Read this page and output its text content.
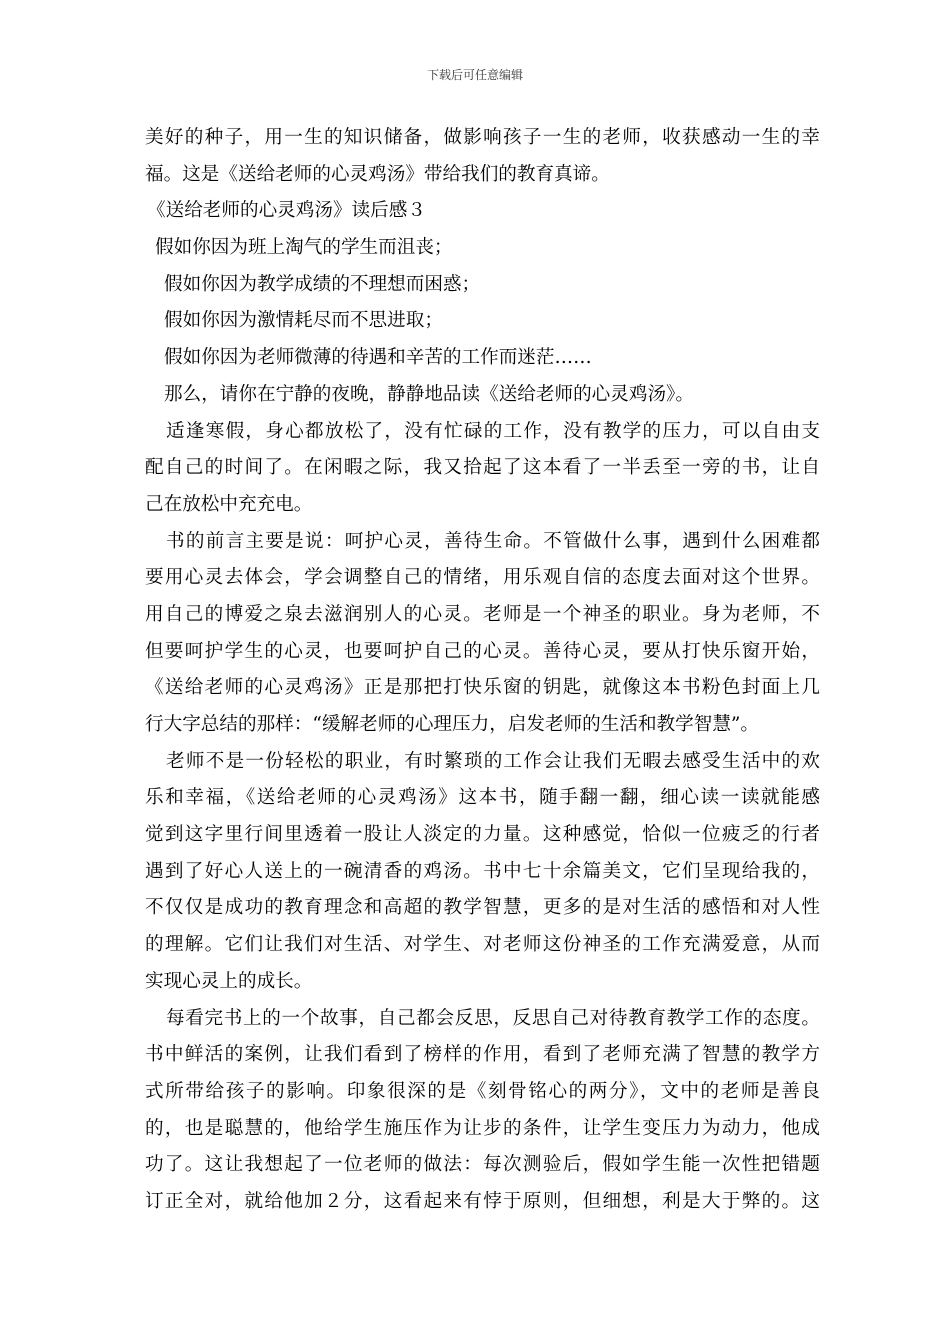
下载后可任意编辑
美好的种子，用一生的知识储备，做影响孩子一生的老师，收获感动一生的幸
福。这是《送给老师的心灵鸡汤》带给我们的教育真谛。
《送给老师的心灵鸡汤》读后感３
假如你因为班上淘气的学生而沮丧；
假如你因为教学成绩的不理想而困惑；
假如你因为激情耗尽而不思进取；
假如你因为老师微薄的待遇和辛苦的工作而迷茫……
那么，请你在宁静的夜晚，静静地品读《送给老师的心灵鸡汤》。
适逢寒假，身心都放松了，没有忙碌的工作，没有教学的压力，可以自由支
配自己的时间了。在闲暇之际，我又拾起了这本看了一半丢至一旁的书，让自
己在放松中充充电。
书的前言主要是说：呵护心灵，善待生命。不管做什么事，遇到什么困难都
要用心灵去体会，学会调整自己的情绪，用乐观自信的态度去面对这个世界。
用自己的博爱之泉去滋润别人的心灵。老师是一个神圣的职业。身为老师，不
但要呵护学生的心灵，也要呵护自己的心灵。善待心灵，要从打快乐窗开始，
《送给老师的心灵鸡汤》正是那把打快乐窗的钥匙，就像这本书粉色封面上几
行大字总结的那样：“缓解老师的心理压力，启发老师的生活和教学智慧”。
老师不是一份轻松的职业，有时繁琐的工作会让我们无暇去感受生活中的欢
乐和幸福，《送给老师的心灵鸡汤》这本书，随手翻一翻，细心读一读就能感
觉到这字里行间里透着一股让人淡定的力量。这种感觉，恰似一位疲乏的行者
遇到了好心人送上的一碗清香的鸡汤。书中七十余篇美文，它们呈现给我的，
不仅仅是成功的教育理念和高超的教学智慧，更多的是对生活的感悟和对人性
的理解。它们让我们对生活、对学生、对老师这份神圣的工作充满爱意，从而
实现心灵上的成长。
每看完书上的一个故事，自己都会反思，反思自己对待教育教学工作的态度。
书中鲜活的案例，让我们看到了榜样的作用，看到了老师充满了智慧的教学方
式所带给孩子的影响。印象很深的是《刻骨铭心的两分》，文中的老师是善良
的，也是聪慧的，他给学生施压作为让步的条件，让学生变压力为动力，他成
功了。这让我想起了一位老师的做法：每次测验后，假如学生能一次性把错题
订正全对，就给他加２分，这看起来有悖于原则，但细想，利是大于弊的。这
